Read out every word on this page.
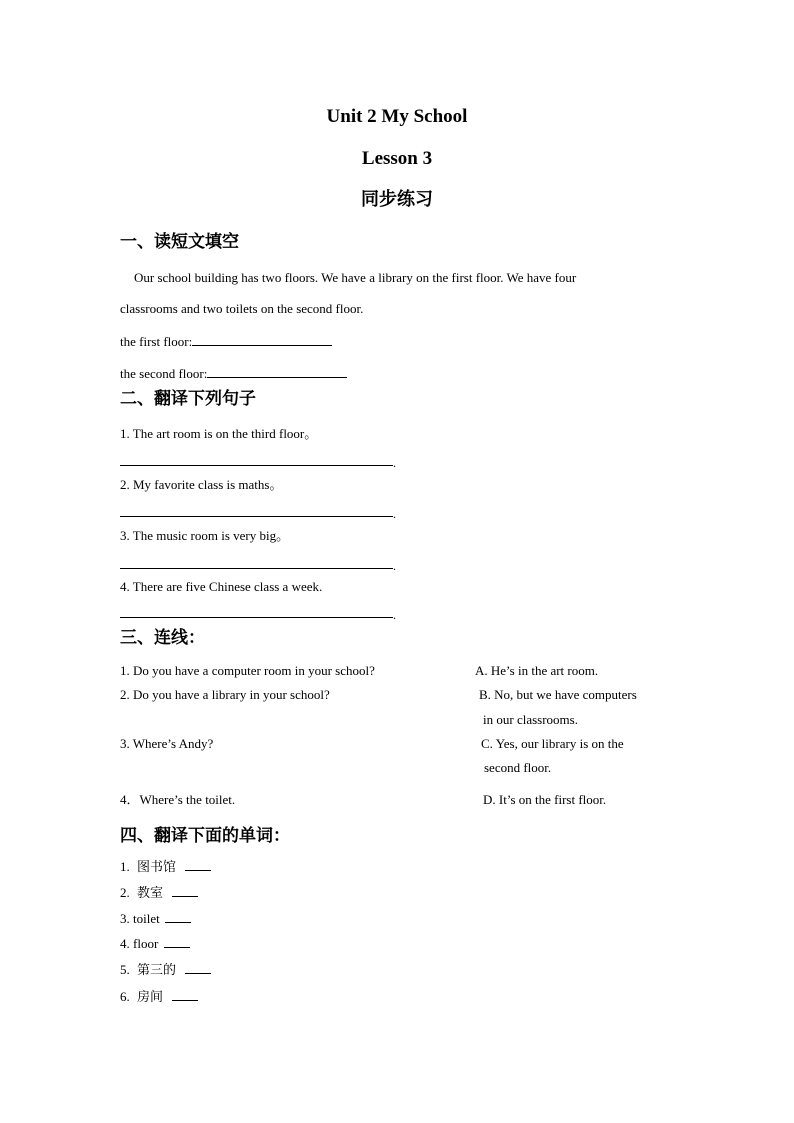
Unit 2 My School
Lesson 3
同步练习
一、读短文填空
Our school building has two floors. We have a library on the first floor. We have four
classrooms and two toilets on the second floor.
the first floor:
the second floor:
二、翻译下列句子
1. The art room is on the third floor。
.
2. My favorite class is maths。
.
3. The music room is very big。
.
4. There are five Chinese class a week.
.
三、连线：
1. Do you have a computer room in your school?
2. Do you have a library in your school?
3. Where’s Andy?
4．Where’s the toilet.
A. He’s in the art room.
B. No, but we have computers
in our classrooms.
C. Yes, our library is on the
second floor.
D. It’s on the first floor.
四、翻译下面的单词：
1. 图书馆
2. 教室
3. toilet
4. floor
5. 第三的
6. 房间
